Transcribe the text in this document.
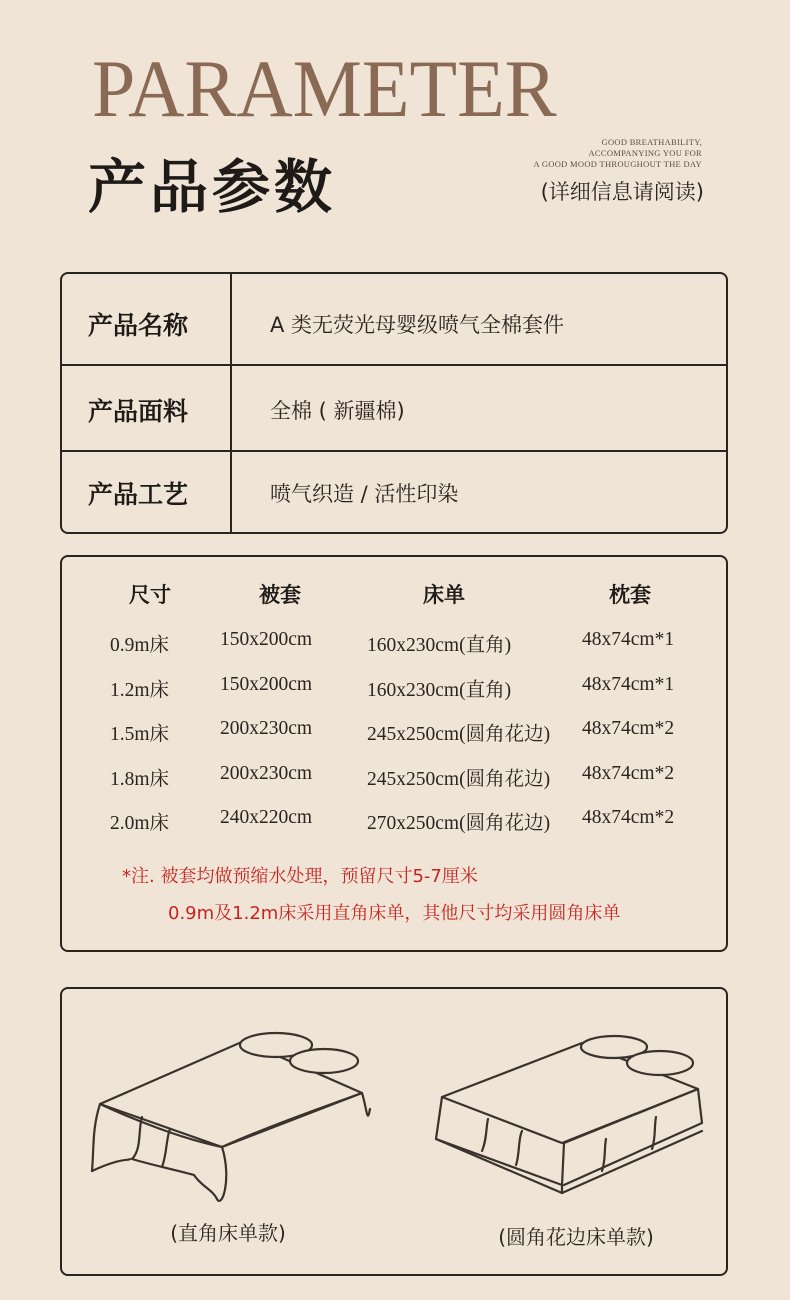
PARAMETER
产品参数
GOOD BREATHABILITY,
ACCOMPANYING YOU FOR
A GOOD MOOD THROUGHOUT THE DAY
(详细信息请阅读)
产品名称	A 类无荧光母婴级喷气全棉套件
产品面料	全棉 ( 新疆棉)
产品工艺	喷气织造 / 活性印染
尺寸	被套	床单	枕套
0.9m床	150x200cm	160x230cm(直角)	48x74cm*1
1.2m床	150x200cm	160x230cm(直角)	48x74cm*1
1.5m床	200x230cm	245x250cm(圆角花边) 48x74cm*2
1.8m床	200x230cm	245x250cm(圆角花边) 48x74cm*2
2.0m床	240x220cm	270x250cm(圆角花边) 48x74cm*2
*注. 被套均做预缩水处理，预留尺寸5-7厘米
0.9m及1.2m床采用直角床单，其他尺寸均采用圆角床单
(直角床单款)	(圆角花边床单款)
